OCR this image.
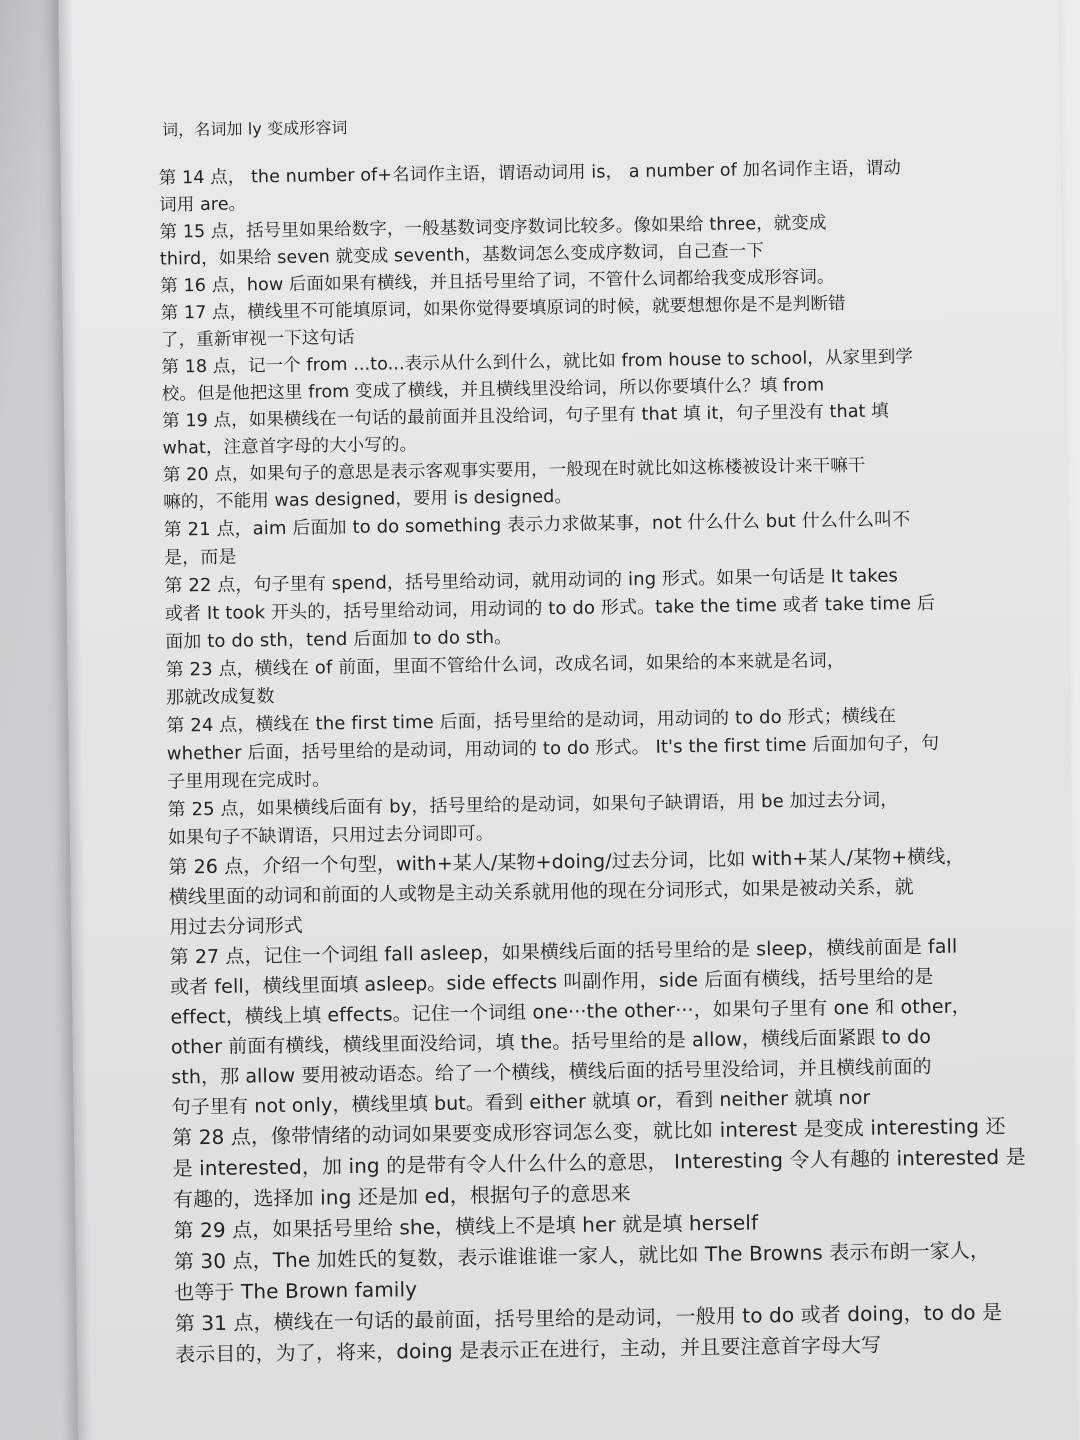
词，名词加 ly 变成形容词
第 14 点， the number of+名词作主语，谓语动词用 is， a number of 加名词作主语，谓动
词用 are。
第 15 点，括号里如果给数字，一般基数词变序数词比较多。像如果给 three，就变成
third，如果给 seven 就变成 seventh，基数词怎么变成序数词，自己查一下
第 16 点，how 后面如果有横线，并且括号里给了词，不管什么词都给我变成形容词。
第 17 点，横线里不可能填原词，如果你觉得要填原词的时候，就要想想你是不是判断错
了，重新审视一下这句话
第 18 点，记一个 from ...to...表示从什么到什么，就比如 from house to school，从家里到学
校。但是他把这里 from 变成了横线，并且横线里没给词，所以你要填什么？填 from
第 19 点，如果横线在一句话的最前面并且没给词，句子里有 that 填 it，句子里没有 that 填
what，注意首字母的大小写的。
第 20 点，如果句子的意思是表示客观事实要用，一般现在时就比如这栋楼被设计来干嘛干
嘛的，不能用 was designed，要用 is designed。
第 21 点，aim 后面加 to do something 表示力求做某事，not 什么什么 but 什么什么叫不
是，而是
第 22 点，句子里有 spend，括号里给动词，就用动词的 ing 形式。如果一句话是 It takes
或者 It took 开头的，括号里给动词，用动词的 to do 形式。take the time 或者 take time 后
面加 to do sth，tend 后面加 to do sth。
第 23 点，横线在 of 前面，里面不管给什么词，改成名词，如果给的本来就是名词，
那就改成复数
第 24 点，横线在 the first time 后面，括号里给的是动词，用动词的 to do 形式；横线在
whether 后面，括号里给的是动词，用动词的 to do 形式。 It's the first time 后面加句子，句
子里用现在完成时。
第 25 点，如果横线后面有 by，括号里给的是动词，如果句子缺谓语，用 be 加过去分词，
如果句子不缺谓语，只用过去分词即可。
第 26 点，介绍一个句型，with+某人/某物+doing/过去分词，比如 with+某人/某物+横线，
横线里面的动词和前面的人或物是主动关系就用他的现在分词形式，如果是被动关系，就
用过去分词形式
第 27 点，记住一个词组 fall asleep，如果横线后面的括号里给的是 sleep，横线前面是 fall
或者 fell，横线里面填 asleep。side effects 叫副作用，side 后面有横线，括号里给的是
effect，横线上填 effects。记住一个词组 one···the other···，如果句子里有 one 和 other，
other 前面有横线，横线里面没给词，填 the。括号里给的是 allow，横线后面紧跟 to do
sth，那 allow 要用被动语态。给了一个横线，横线后面的括号里没给词，并且横线前面的
句子里有 not only，横线里填 but。看到 either 就填 or，看到 neither 就填 nor
第 28 点，像带情绪的动词如果要变成形容词怎么变，就比如 interest 是变成 interesting 还
是 interested，加 ing 的是带有令人什么什么的意思， Interesting 令人有趣的 interested 是
有趣的，选择加 ing 还是加 ed，根据句子的意思来
第 29 点，如果括号里给 she，横线上不是填 her 就是填 herself
第 30 点，The 加姓氏的复数，表示谁谁谁一家人，就比如 The Browns 表示布朗一家人，
也等于 The Brown family
第 31 点，横线在一句话的最前面，括号里给的是动词，一般用 to do 或者 doing，to do 是
表示目的，为了，将来，doing 是表示正在进行，主动，并且要注意首字母大写
